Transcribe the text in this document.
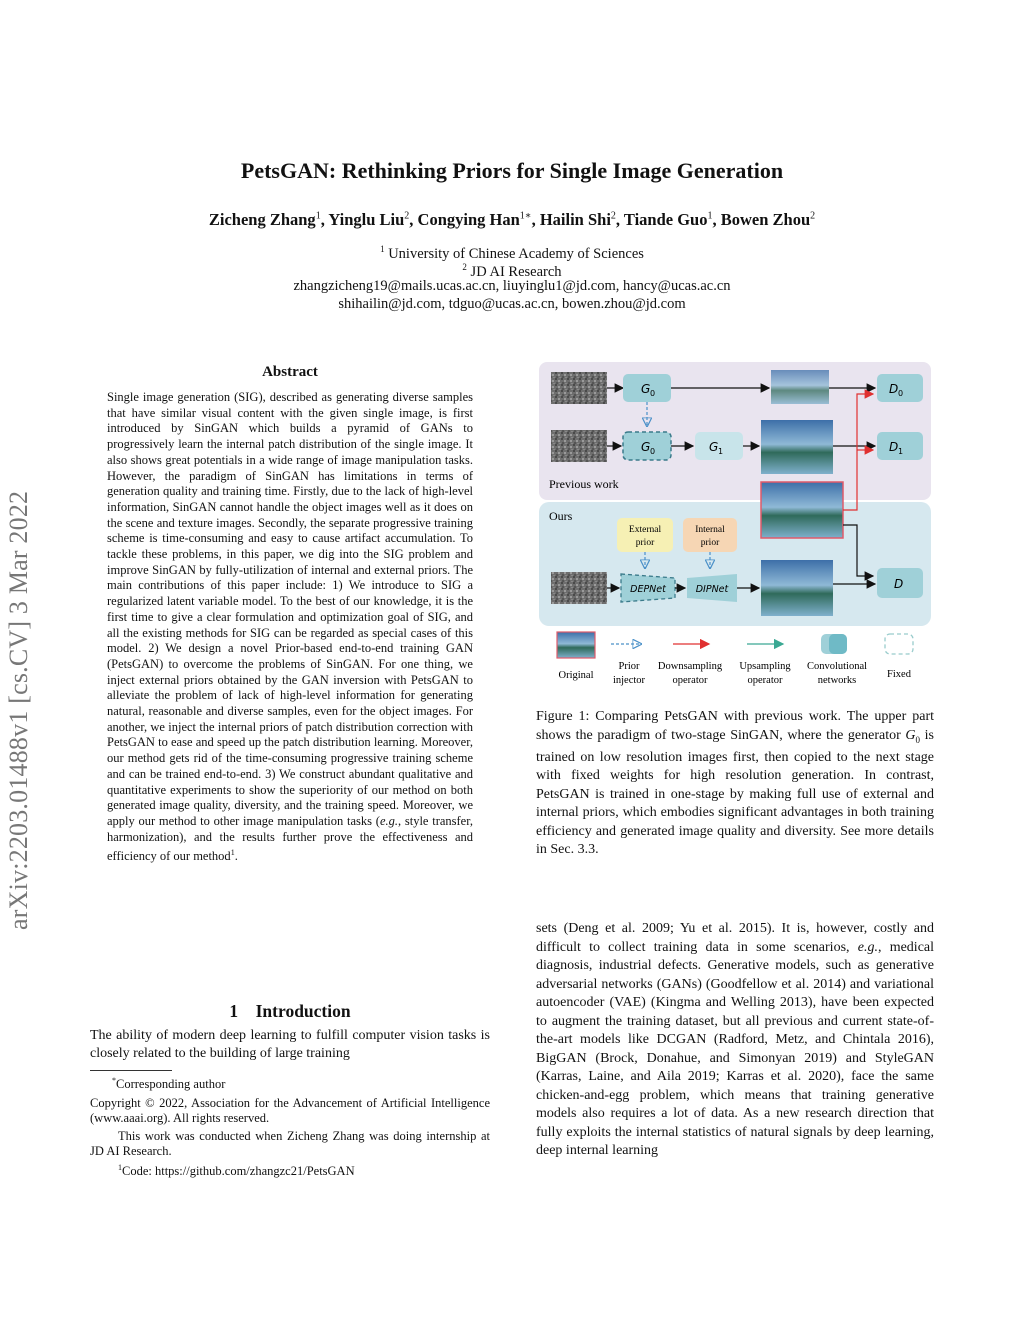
arXiv:2203.01488v1 [cs.CV] 3 Mar 2022
PetsGAN: Rethinking Priors for Single Image Generation
Zicheng Zhang$^1$, Yinglu Liu$^2$, Congying Han$^{1∗}$, Hailin Shi$^2$, Tiande Guo$^1$, Bowen Zhou$^2$
$^1$ University of Chinese Academy of Sciences
$^2$ JD AI Research
zhangzicheng19@mails.ucas.ac.cn, liuyinglu1@jd.com, hancy@ucas.ac.cn
shihailin@jd.com, tdguo@ucas.ac.cn, bowen.zhou@jd.com
Abstract
Single image generation (SIG), described as generating diverse samples that have similar visual content with the given single image, is first introduced by SinGAN which builds a pyramid of GANs to progressively learn the internal patch distribution of the single image. It also shows great potentials in a wide range of image manipulation tasks. However, the paradigm of SinGAN has limitations in terms of generation quality and training time. Firstly, due to the lack of high-level information, SinGAN cannot handle the object images well as it does on the scene and texture images. Secondly, the separate progressive training scheme is time-consuming and easy to cause artifact accumulation. To tackle these problems, in this paper, we dig into the SIG problem and improve SinGAN by fully-utilization of internal and external priors. The main contributions of this paper include: 1) We introduce to SIG a regularized latent variable model. To the best of our knowledge, it is the first time to give a clear formulation and optimization goal of SIG, and all the existing methods for SIG can be regarded as special cases of this model. 2) We design a novel Prior-based end-to-end training GAN (PetsGAN) to overcome the problems of SinGAN. For one thing, we inject external priors obtained by the GAN inversion with PetsGAN to alleviate the problem of lack of high-level information for generating natural, reasonable and diverse samples, even for the object images. For another, we inject the internal priors of patch distribution correction with PetsGAN to ease and speed up the patch distribution learning. Moreover, our method gets rid of the time-consuming progressive training scheme and can be trained end-to-end. 3) We construct abundant qualitative and quantitative experiments to show the superiority of our method on both generated image quality, diversity, and the training speed. Moreover, we apply our method to other image manipulation tasks (e.g., style transfer, harmonization), and the results further prove the effectiveness and efficiency of our method$^1$.
1 Introduction
The ability of modern deep learning to fulfill computer vision tasks is closely related to the building of large training
*Corresponding author
Copyright © 2022, Association for the Advancement of Artificial Intelligence (www.aaai.org). All rights reserved.
This work was conducted when Zicheng Zhang was doing internship at JD AI Research.
$^1$Code: https://github.com/zhangzc21/PetsGAN
G 0	D 0
G 0	G 1	D 1
Previous work
Ours
External
prior
Internal
prior
DEPNet	DIPNet	D
Original
Prior
injector
Downsampling
operator
Upsampling
operator
Convolutional
networks
Fixed
Figure 1: Comparing PetsGAN with previous work. The upper part shows the paradigm of two-stage SinGAN, where the generator $G_0$ is trained on low resolution images first, then copied to the next stage with fixed weights for high resolution generation. In contrast, PetsGAN is trained in one-stage by making full use of external and internal priors, which embodies significant advantages in both training efficiency and generated image quality and diversity. See more details in Sec. 3.3.
sets (Deng et al. 2009; Yu et al. 2015). It is, however, costly and difficult to collect training data in some scenarios, e.g., medical diagnosis, industrial defects. Generative models, such as generative adversarial networks (GANs) (Goodfellow et al. 2014) and variational autoencoder (VAE) (Kingma and Welling 2013), have been expected to augment the training dataset, but all previous and current state-of-the-art models like DCGAN (Radford, Metz, and Chintala 2016), BigGAN (Brock, Donahue, and Simonyan 2019) and StyleGAN (Karras, Laine, and Aila 2019; Karras et al. 2020), face the same chicken-and-egg problem, which means that training generative models also requires a lot of data. As a new research direction that fully exploits the internal statistics of natural signals by deep learning, deep internal learning
